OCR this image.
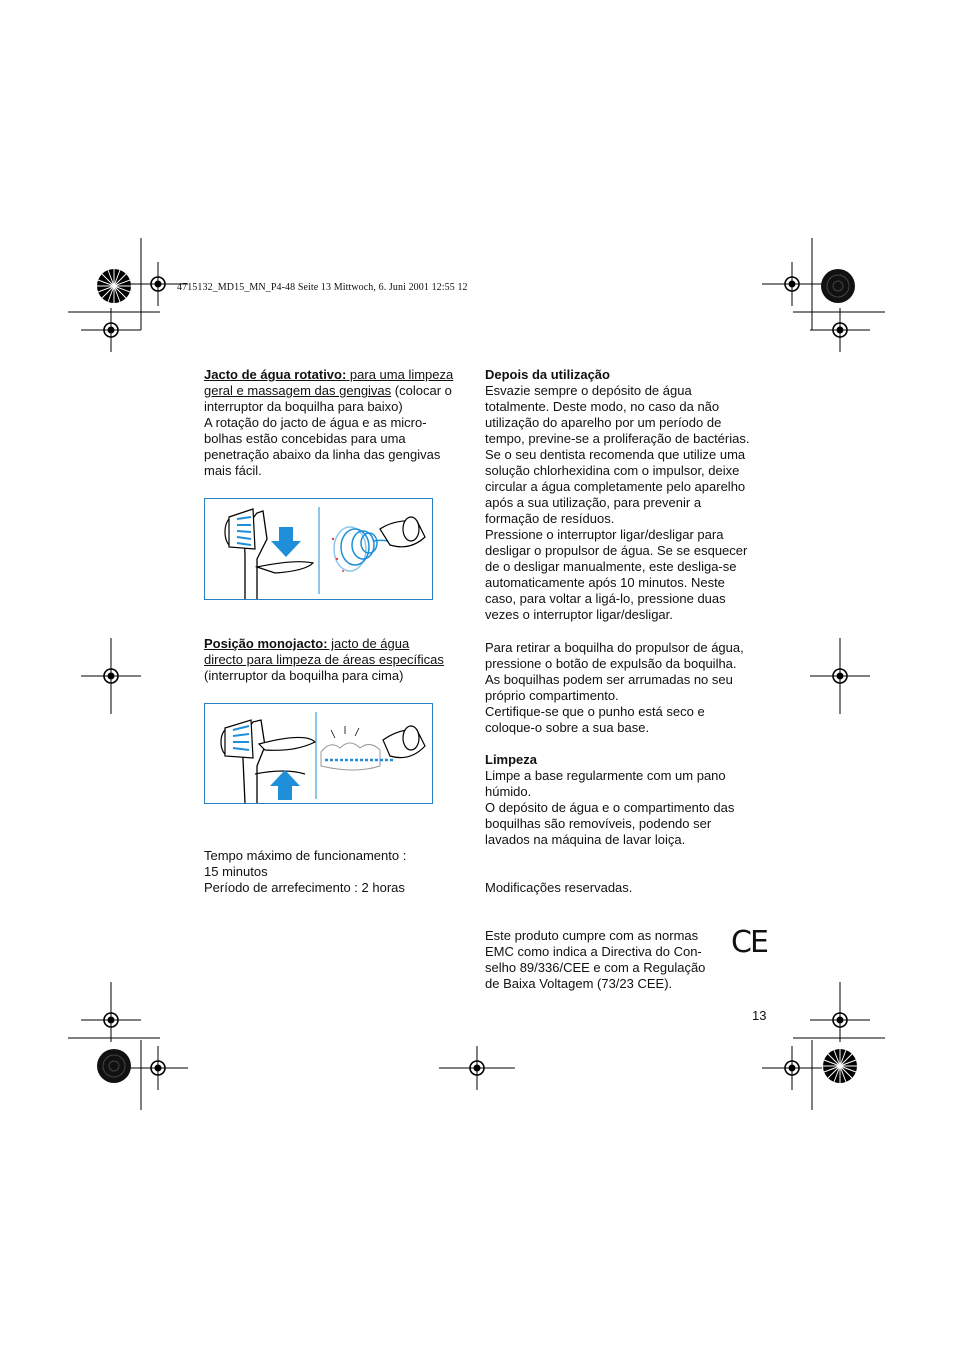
4715132_MD15_MN_P4-48 Seite 13 Mittwoch, 6. Juni 2001 12:55 12

Jacto de água rotativo: para uma limpeza

geral e massagem das gengivas (colocar o

interruptor da boquilha para baixo)

A rotação do jacto de água e as micro-

bolhas estão concebidas para uma

penetração abaixo da linha das gengivas

mais fácil.

Posição monojacto: jacto de água

directo para limpeza de áreas específicas

(interruptor da boquilha para cima)

Tempo máximo de funcionamento :

15 minutos

Período de arrefecimento : 2 horas

Depois da utilização

Esvazie sempre o depósito de água

totalmente. Deste modo, no caso da não

utilização do aparelho por um período de

tempo, previne-se a proliferação de bactérias.

Se o seu dentista recomenda que utilize uma

solução chlorhexidina com o impulsor, deixe

circular a água completamente pelo aparelho

após a sua utilização, para prevenir a

formação de resíduos.

Pressione o interruptor ligar/desligar para

desligar o propulsor de água. Se se esquecer

de o desligar manualmente, este desliga-se

automaticamente após 10 minutos. Neste

caso, para voltar a ligá-lo, pressione duas

vezes o interruptor ligar/desligar.

Para retirar a boquilha do propulsor de água,

pressione o botão de expulsão da boquilha.

As boquilhas podem ser arrumadas no seu

próprio compartimento.

Certifique-se que o punho está seco e

coloque-o sobre a sua base.

Limpeza

Limpe a base regularmente com um pano

húmido.

O depósito de água e o compartimento das

boquilhas são removíveis, podendo ser

lavados na máquina de lavar loiça.

Modificações reservadas.

Este produto cumpre com as normas

EMC como indica a Directiva do Con-

selho 89/336/CEE e com a Regulação

de Baixa Voltagem (73/23 CEE).

CE
13
